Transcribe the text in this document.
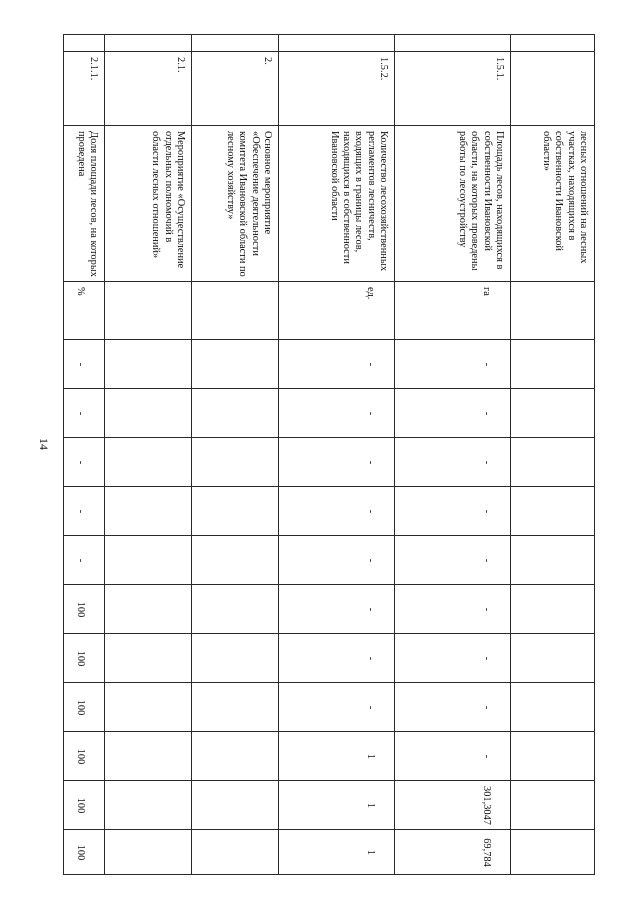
14
		лесных отношений на лесных участках, находящихся в собственности Ивановской области»													
	1.5.1.	Площадь лесов, находящихся в собственности Ивановской области, на которых проведены работы по лесоустройству	га	-	-	-	-	-	-	-	-	-	301,3047	69,784	
	1.5.2.	Количество лесохозяйственных регламентов лесничеств, входящих в границы лесов, находящихся в собственности Ивановской области	ед.	-	-	-	-	-	-	-	-	1	1	1	
	2.	Основное мероприятие «Обеспечение деятельности комитета Ивановской области по лесному хозяйству»													
	2.1.	Мероприятие «Осуществление отдельных полномочий в области лесных отношений»													
	2.1.1.	Доля площади лесов, на которых проведена	%	-	-	-	-	-	100	100	100	100	100	100	
